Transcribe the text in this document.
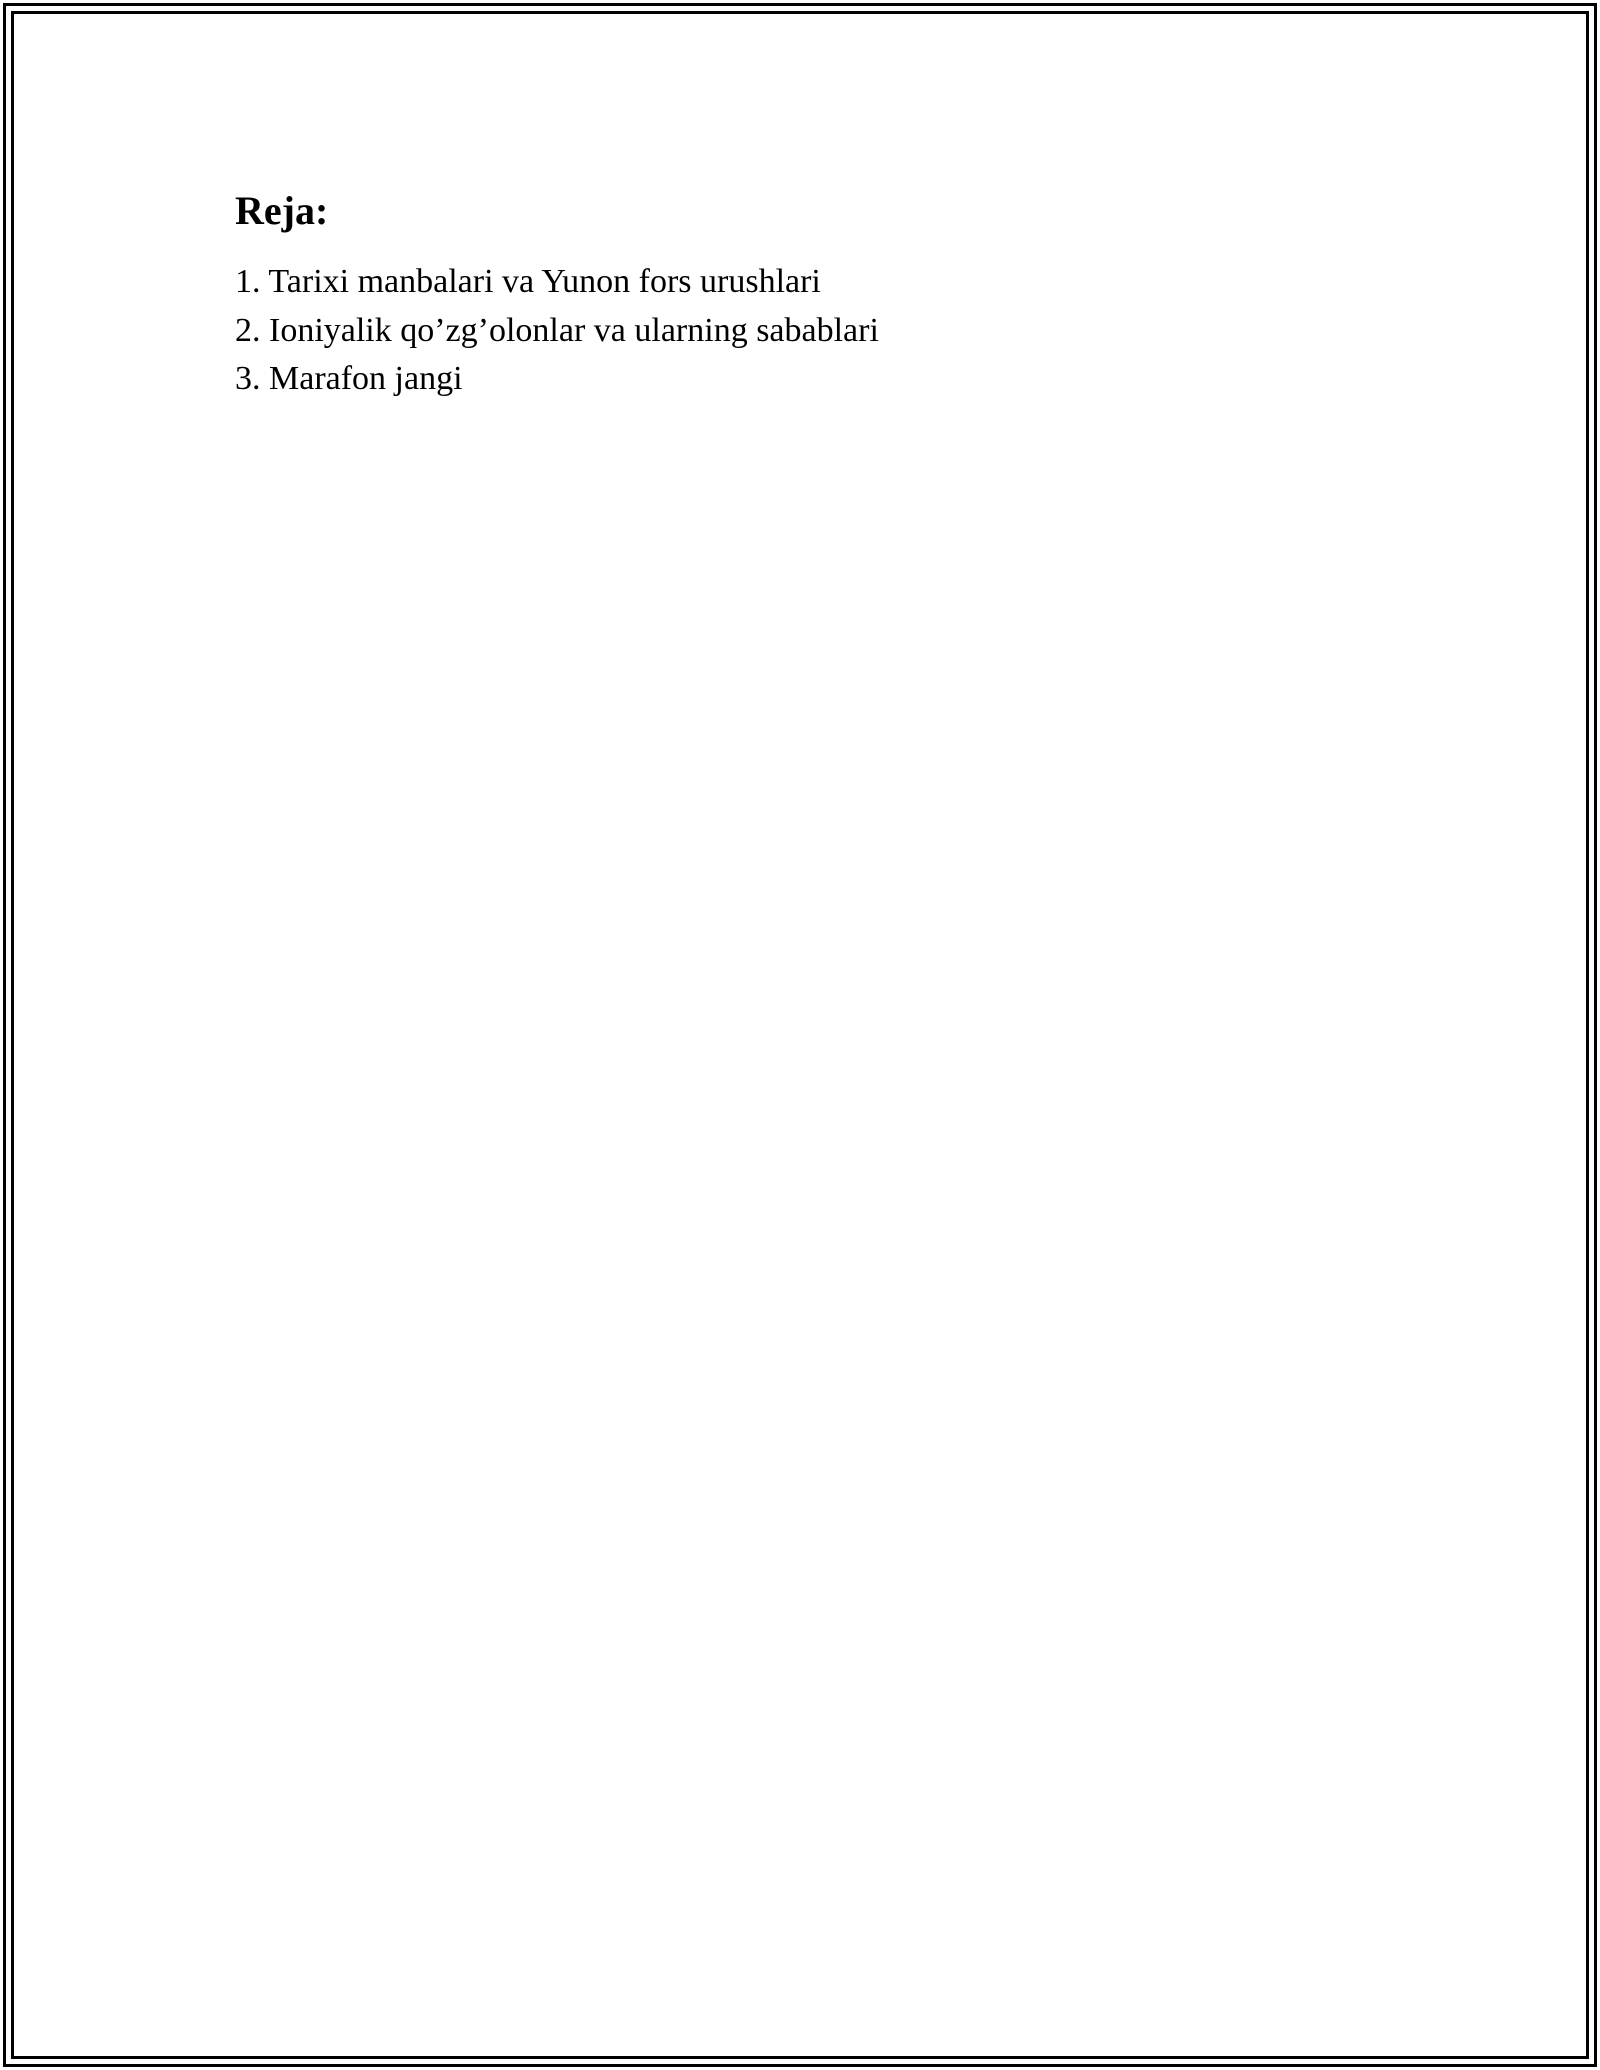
Reja:
1. Tarixi manbalari va Yunon fors urushlari
2. Ioniyalik qo’zg’olonlar va ularning sabablari
3. Marafon jangi
